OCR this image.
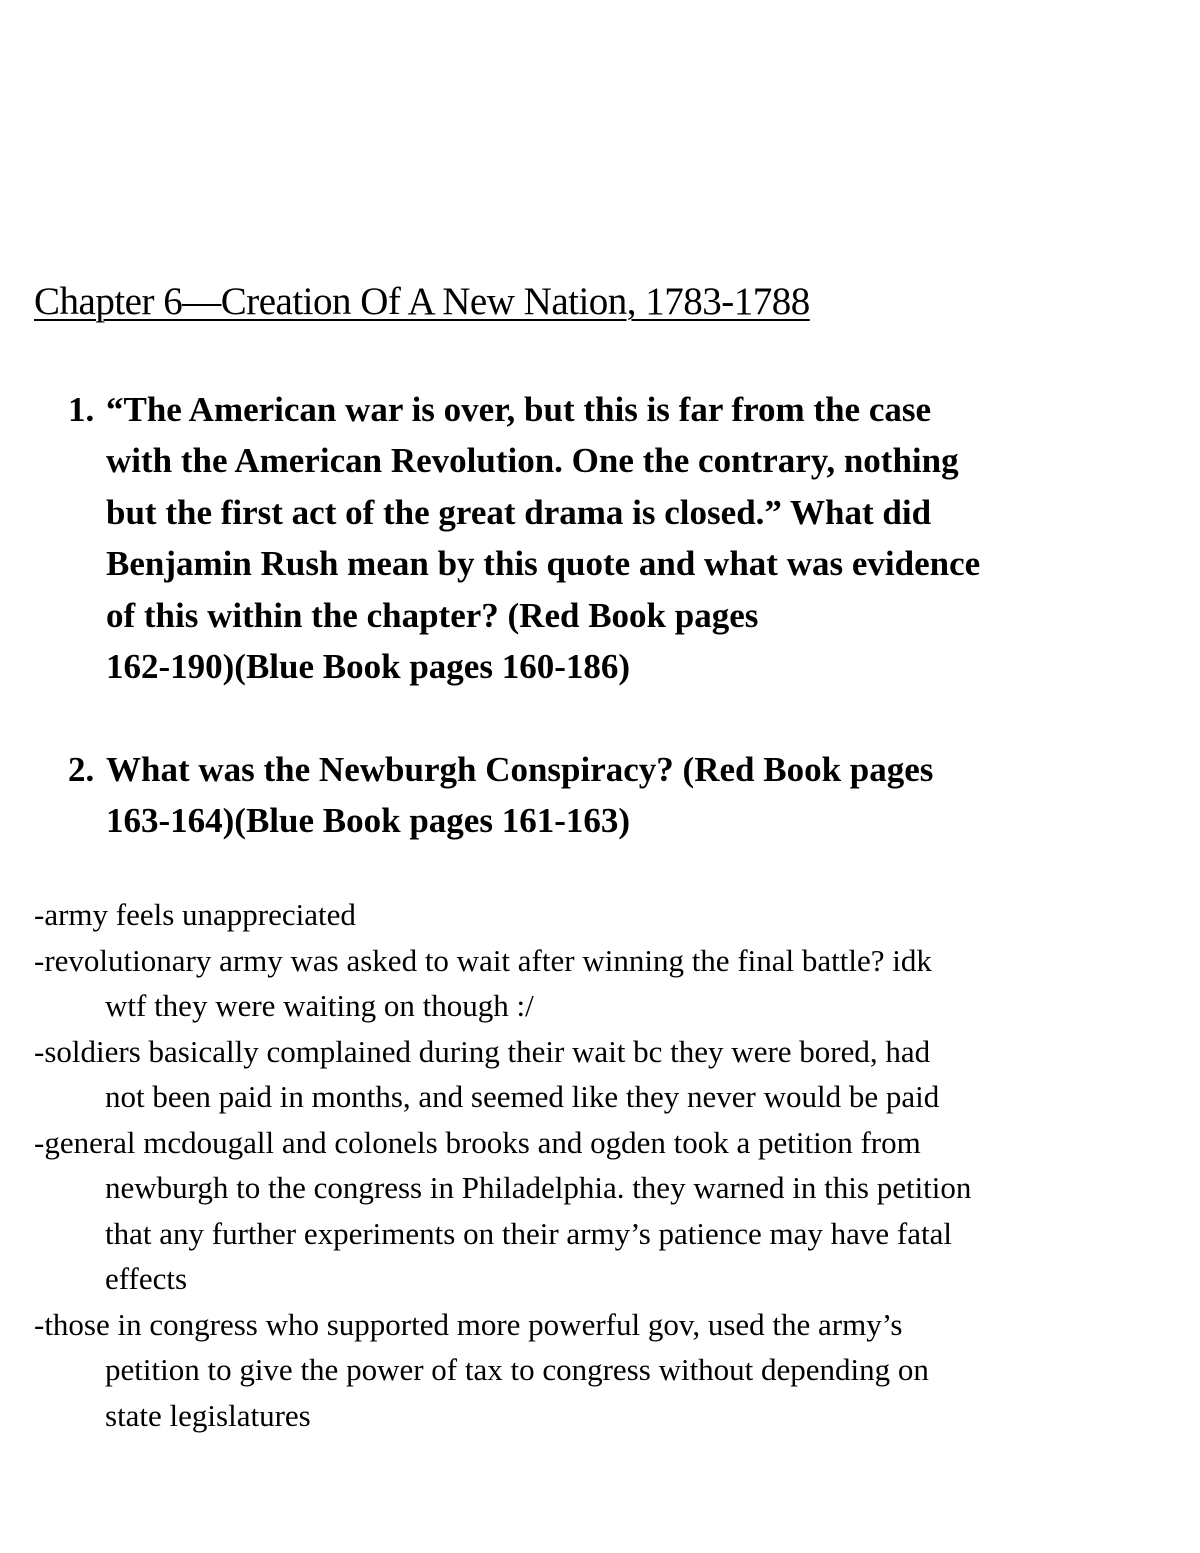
Chapter 6—Creation Of A New Nation, 1783-1788
1. “The American war is over, but this is far from the case
with the American Revolution. One the contrary, nothing
but the first act of the great drama is closed.” What did
Benjamin Rush mean by this quote and what was evidence
of this within the chapter? (Red Book pages
162-190)(Blue Book pages 160-186)
2. What was the Newburgh Conspiracy? (Red Book pages
163-164)(Blue Book pages 161-163)
-army feels unappreciated
-revolutionary army was asked to wait after winning the final battle? idk
wtf they were waiting on though :/
-soldiers basically complained during their wait bc they were bored, had
not been paid in months, and seemed like they never would be paid
-general mcdougall and colonels brooks and ogden took a petition from
newburgh to the congress in Philadelphia. they warned in this petition
that any further experiments on their army’s patience may have fatal
effects
-those in congress who supported more powerful gov, used the army’s
petition to give the power of tax to congress without depending on
state legislatures
